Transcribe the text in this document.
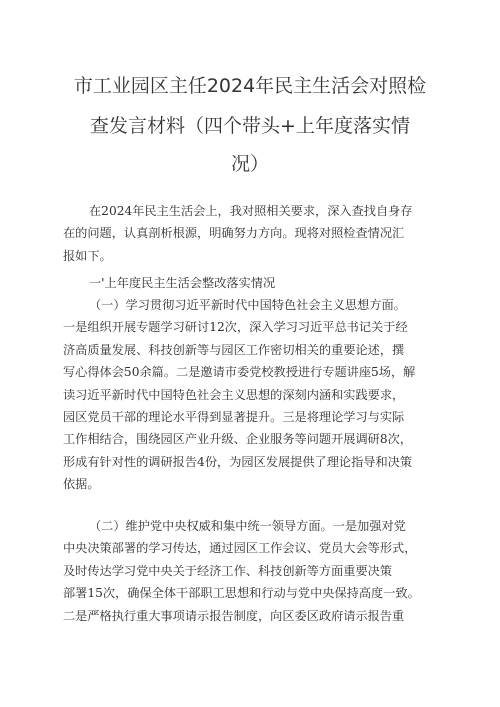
市工业园区主任2024年民主生活会对照检
查发言材料（四个带头+上年度落实情
况）
在2024年民主生活会上，我对照相关要求，深入查找自身存
在的问题，认真剖析根源，明确努力方向。现将对照检查情况汇
报如下。
一'上年度民主生活会整改落实情况
（一）学习贯彻习近平新时代中国特色社会主义思想方面。
一是组织开展专题学习研讨12次，深入学习习近平总书记关于经
济高质量发展、科技创新等与园区工作密切相关的重要论述，撰
写心得体会50余篇。二是邀请市委党校教授进行专题讲座5场，解
读习近平新时代中国特色社会主义思想的深刻内涵和实践要求，
园区党员干部的理论水平得到显著提升。三是将理论学习与实际
工作相结合，围绕园区产业升级、企业服务等问题开展调研8次，
形成有针对性的调研报告4份，为园区发展提供了理论指导和决策
依据。
（二）维护党中央权威和集中统一领导方面。一是加强对党
中央决策部署的学习传达，通过园区工作会议、党员大会等形式，
及时传达学习党中央关于经济工作、科技创新等方面重要决策
部署15次，确保全体干部职工思想和行动与党中央保持高度一致。
二是严格执行重大事项请示报告制度，向区委区政府请示报告重
